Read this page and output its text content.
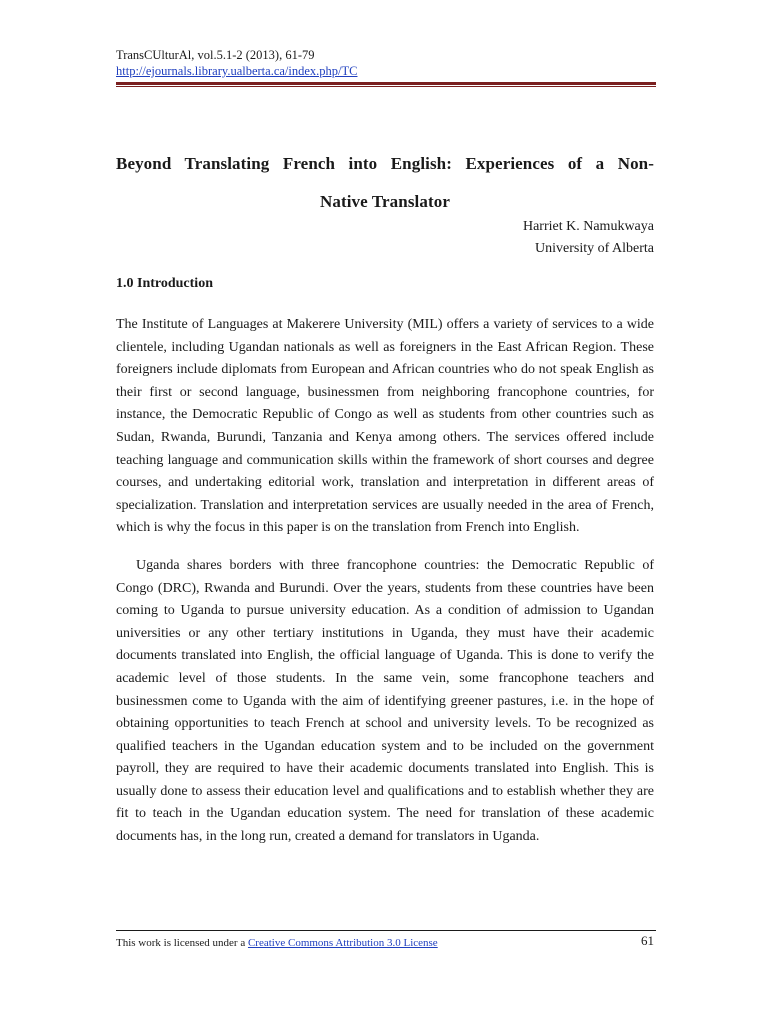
TransCUlturAl, vol.5.1-2 (2013), 61-79
http://ejournals.library.ualberta.ca/index.php/TC
Beyond Translating French into English: Experiences of a Non-
Native Translator
Harriet K. Namukwaya
University of Alberta
1.0 Introduction

The Institute of Languages at Makerere University (MIL) offers a variety of services to a wide clientele, including Ugandan nationals as well as foreigners in the East African Region. These foreigners include diplomats from European and African countries who do not speak English as their first or second language, businessmen from neighboring francophone countries, for instance, the Democratic Republic of Congo as well as students from other countries such as Sudan, Rwanda, Burundi, Tanzania and Kenya among others. The services offered include teaching language and communication skills within the framework of short courses and degree courses, and undertaking editorial work, translation and interpretation in different areas of specialization. Translation and interpretation services are usually needed in the area of French, which is why the focus in this paper is on the translation from French into English.

Uganda shares borders with three francophone countries: the Democratic Republic of Congo (DRC), Rwanda and Burundi. Over the years, students from these countries have been coming to Uganda to pursue university education. As a condition of admission to Ugandan universities or any other tertiary institutions in Uganda, they must have their academic documents translated into English, the official language of Uganda. This is done to verify the academic level of those students. In the same vein, some francophone teachers and businessmen come to Uganda with the aim of identifying greener pastures, i.e. in the hope of obtaining opportunities to teach French at school and university levels. To be recognized as qualified teachers in the Ugandan education system and to be included on the government payroll, they are required to have their academic documents translated into English. This is usually done to assess their education level and qualifications and to establish whether they are fit to teach in the Ugandan education system. The need for translation of these academic documents has, in the long run, created a demand for translators in Uganda.

This work is licensed under a Creative Commons Attribution 3.0 License	61
